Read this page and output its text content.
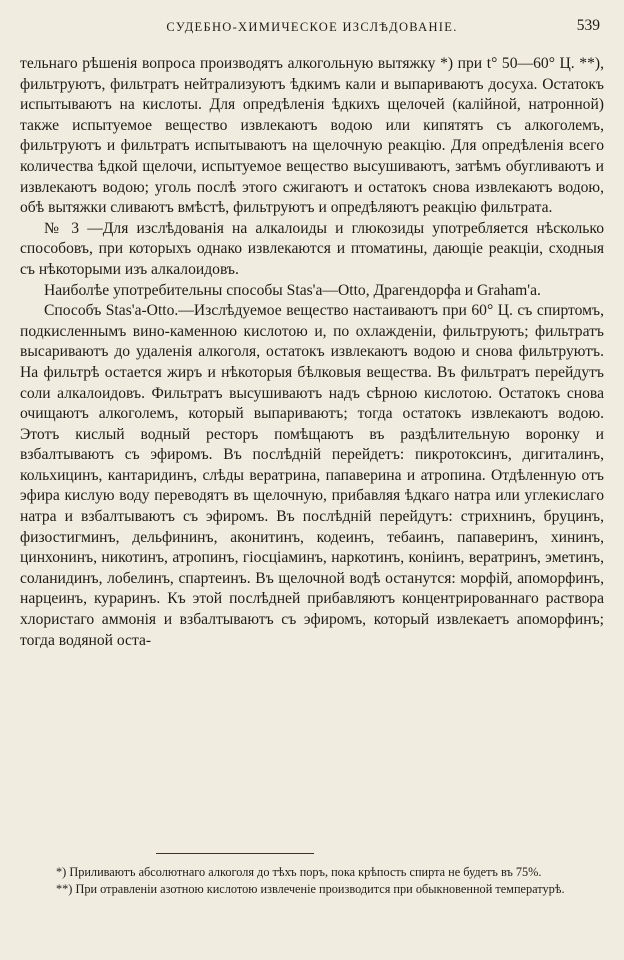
СУДЕБНО-ХИМИЧЕСКОЕ ИЗСЛѢДОВАНІЕ.	539

тельнаго рѣшенія вопроса производятъ алкогольную вытяжку *) при t° 50—60° Ц. **), фильтруютъ, фильтратъ нейтрализуютъ ѣдкимъ кали и выпариваютъ досуха. Остатокъ испытываютъ на кислоты. Для опредѣленія ѣдкихъ щелочей (калійной, натронной) также испытуемое вещество извлекаютъ водою или кипятятъ съ алкоголемъ, фильтруютъ и фильтратъ испытываютъ на щелочную реакцію. Для опредѣленія всего количества ѣдкой щелочи, испытуемое вещество высушиваютъ, затѣмъ обугливаютъ и извлекаютъ водою; уголь послѣ этого сжигаютъ и остатокъ снова извлекаютъ водою, обѣ вытяжки сливаютъ вмѣстѣ, фильтруютъ и опредѣляютъ реакцію фильтрата.

№ 3 —Для изслѣдованія на алкалоиды и глюкозиды употребляется нѣсколько способовъ, при которыхъ однако извлекаются и птоматины, дающіе реакціи, сходныя съ нѣкоторыми изъ алкалоидовъ.

Наиболѣе употребительны способы Stas'a—Otto, Драгендорфа и Graham'a.

Способъ Stas'a-Otto.—Изслѣдуемое вещество настаиваютъ при 60° Ц. съ спиртомъ, подкисленнымъ вино-каменною кислотою и, по охлажденіи, фильтруютъ; фильтратъ высариваютъ до удаленія алкоголя, остатокъ извлекаютъ водою и снова фильтруютъ. На фильтрѣ остается жиръ и нѣкоторыя бѣлковыя вещества. Въ фильтратъ перейдутъ соли алкалоидовъ. Фильтратъ высушиваютъ надъ сѣрною кислотою. Остатокъ снова очищаютъ алкоголемъ, который выпариваютъ; тогда остатокъ извлекаютъ водою. Этотъ кислый водный ресторъ помѣщаютъ въ раздѣлительную воронку и взбалтываютъ съ эфиромъ. Въ послѣдній перейдетъ: пикротоксинъ, дигиталинъ, кольхицинъ, кантаридинъ, слѣды вератрина, папаверина и атропина. Отдѣленную отъ эфира кислую воду переводятъ въ щелочную, прибавляя ѣдкаго натра или углекислаго натра и взбалтываютъ съ эфиромъ. Въ послѣдній перейдутъ: стрихнинъ, бруцинъ, физостигминъ, дельфининъ, аконитинъ, кодеинъ, тебаинъ, папаверинъ, хининъ, цинхонинъ, никотинъ, атропинъ, гіосціаминъ, наркотинъ, коніинъ, вератринъ, эметинъ, соланидинъ, лобелинъ, спартеинъ. Въ щелочной водѣ останутся: морфій, апоморфинъ, нарцеинъ, кураринъ. Къ этой послѣдней прибавляютъ концентрированнаго раствора хлористаго аммонія и взбалтываютъ съ эфиромъ, который извлекаетъ апоморфинъ; тогда водяной оста-

*) Приливаютъ абсолютнаго алкоголя до тѣхъ поръ, пока крѣпость спирта не будетъ въ 75%.

**) При отравленіи азотною кислотою извлеченіе производится при обыкновенной температурѣ.
